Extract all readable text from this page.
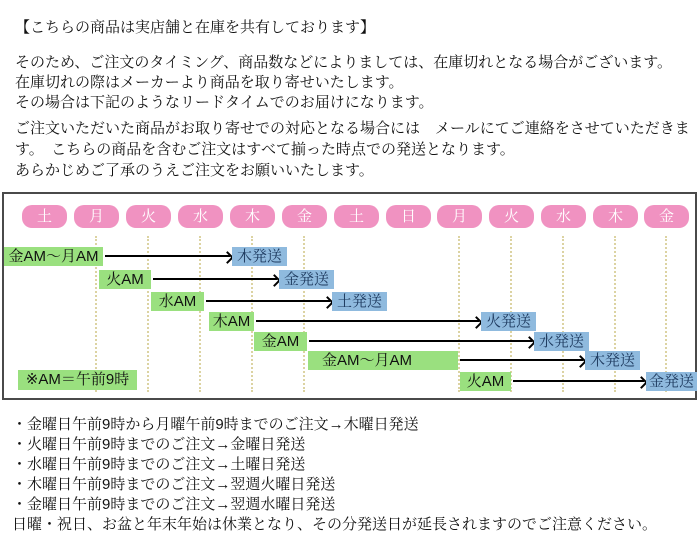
【こちらの商品は実店舗と在庫を共有しております】
そのため、ご注文のタイミング、商品数などによりましては、在庫切れとなる場合がございます。
在庫切れの際はメーカーより商品を取り寄せいたします。
その場合は下記のようなリードタイムでのお届けになります。
ご注文いただいた商品がお取り寄せでの対応となる場合には　メールにてご連絡をさせていただきま
す。　こちらの商品を含むご注文はすべて揃った時点での発送となります。
あらかじめご了承のうえご注文をお願いいたします。
土	月	火	水	木	金	土	日	月	火	水	木	金
金AM～月AM	木発送
火AM	金発送
水AM	土発送
木AM	火発送
金AM	水発送
金AM～月AM	木発送
火AM	金発送
※AM＝午前9時
・金曜日午前9時から月曜午前9時までのご注文→木曜日発送
・火曜日午前9時までのご注文→金曜日発送
・水曜日午前9時までのご注文→土曜日発送
・木曜日午前9時までのご注文→翌週火曜日発送
・金曜日午前9時までのご注文→翌週水曜日発送
日曜・祝日、お盆と年末年始は休業となり、その分発送日が延長されますのでご注意ください。
